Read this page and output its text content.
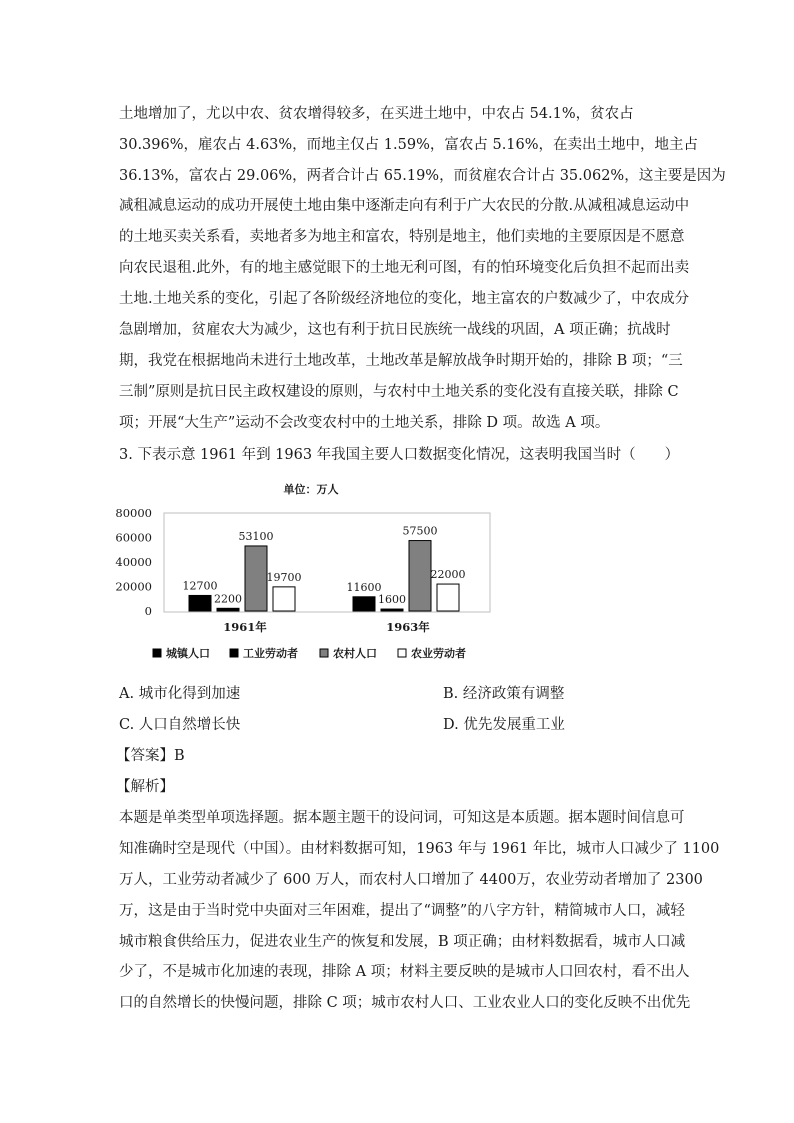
土地增加了，尤以中农、贫农增得较多，在买进土地中，中农占 54.1%，贫农占
30.396%，雇农占 4.63%，而地主仅占 1.59%，富农占 5.16%，在卖出土地中，地主占
36.13%，富农占 29.06%，两者合计占 65.19%，而贫雇农合计占 35.062%，这主要是因为
减租减息运动的成功开展使土地由集中逐渐走向有利于广大农民的分散.从减租减息运动中
的土地买卖关系看，卖地者多为地主和富农，特别是地主，他们卖地的主要原因是不愿意
向农民退租.此外，有的地主感觉眼下的土地无利可图，有的怕环境变化后负担不起而出卖
土地.土地关系的变化，引起了各阶级经济地位的变化，地主富农的户数减少了，中农成分
急剧增加，贫雇农大为减少，这也有利于抗日民族统一战线的巩固，A 项正确；抗战时
期，我党在根据地尚未进行土地改革，土地改革是解放战争时期开始的，排除 B 项；“三
三制”原则是抗日民主政权建设的原则，与农村中土地关系的变化没有直接关联，排除 C
项；开展“大生产”运动不会改变农村中的土地关系，排除 D 项。故选 A 项。
3. 下表示意 1961 年到 1963 年我国主要人口数据变化情况，这表明我国当时（　　）
单位：万人
80000
60000
40000
20000
0
12700
2200
53100
19700
11600
1600
57500
22000
1961年	1963年
城镇人口	工业劳动者	农村人口	农业劳动者
A. 城市化得到加速	B. 经济政策有调整
C. 人口自然增长快	D. 优先发展重工业
【答案】B
【解析】
本题是单类型单项选择题。据本题主题干的设问词，可知这是本质题。据本题时间信息可
知准确时空是现代（中国）。由材料数据可知，1963 年与 1961 年比，城市人口减少了 1100
万人，工业劳动者减少了 600 万人，而农村人口增加了 4400万，农业劳动者增加了 2300
万，这是由于当时党中央面对三年困难，提出了“调整”的八字方针，精简城市人口，减轻
城市粮食供给压力，促进农业生产的恢复和发展，B 项正确；由材料数据看，城市人口减
少了，不是城市化加速的表现，排除 A 项；材料主要反映的是城市人口回农村，看不出人
口的自然增长的快慢问题，排除 C 项；城市农村人口、工业农业人口的变化反映不出优先
